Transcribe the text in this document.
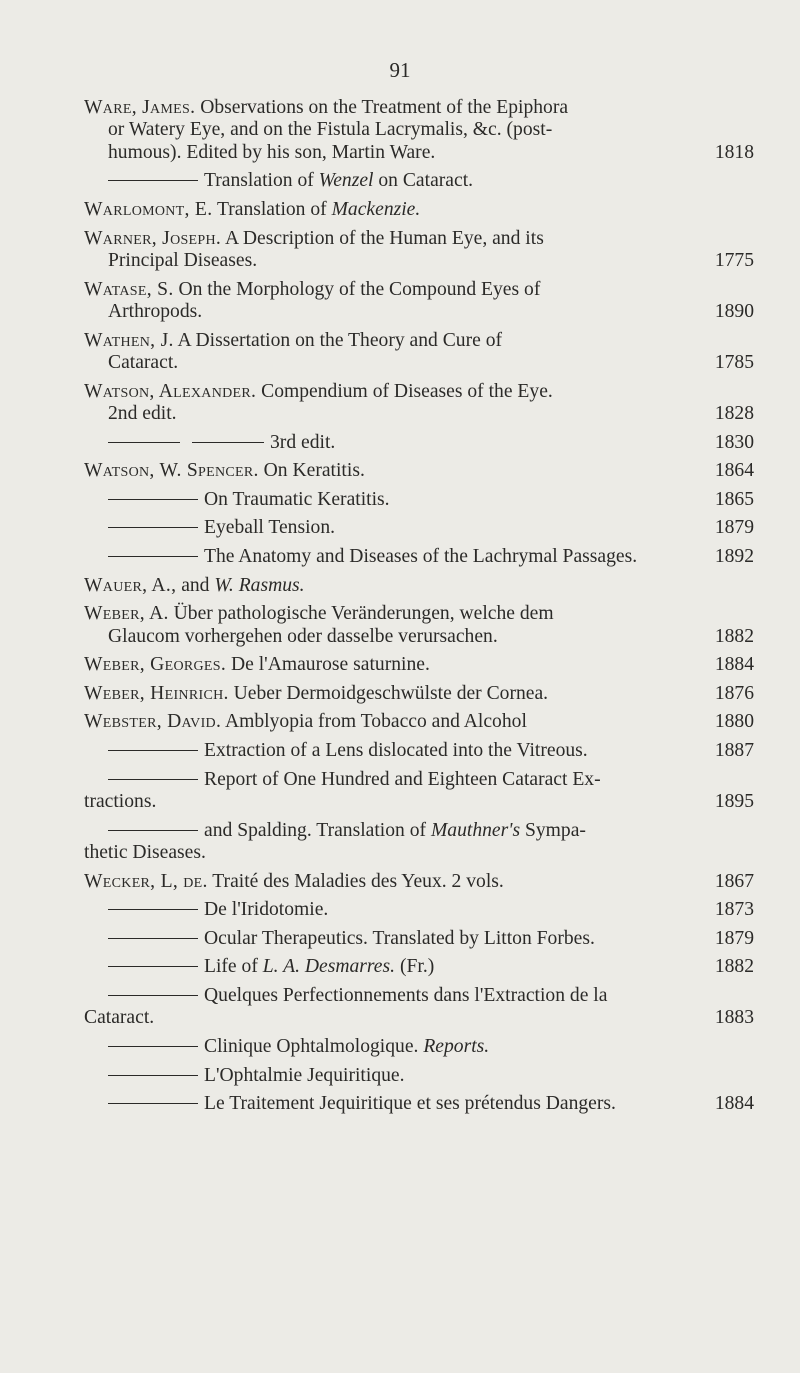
91
Ware, James. Observations on the Treatment of the Epiphora
or Watery Eye, and on the Fistula Lacrymalis, &c. (post-
humous). Edited by his son, Martin Ware.	1818
Translation of Wenzel on Cataract.
Warlomont, E. Translation of Mackenzie.
Warner, Joseph. A Description of the Human Eye, and its
Principal Diseases.	1775
Watase, S. On the Morphology of the Compound Eyes of
Arthropods.	1890
Wathen, J. A Dissertation on the Theory and Cure of
Cataract.	1785
Watson, Alexander. Compendium of Diseases of the Eye.
2nd edit.	1828
3rd edit.	1830
Watson, W. Spencer. On Keratitis.	1864
On Traumatic Keratitis.	1865
Eyeball Tension.	1879
The Anatomy and Diseases of the Lachrymal Passages.	1892
Wauer, A., and W. Rasmus.
Weber, A. Über pathologische Veränderungen, welche dem
Glaucom vorhergehen oder dasselbe verursachen.	1882
Weber, Georges. De l'Amaurose saturnine.	1884
Weber, Heinrich. Ueber Dermoidgeschwülste der Cornea.	1876
Webster, David. Amblyopia from Tobacco and Alcohol	1880
Extraction of a Lens dislocated into the Vitreous.	1887
Report of One Hundred and Eighteen Cataract Ex-
tractions.	1895
and Spalding. Translation of Mauthner's Sympa-
thetic Diseases.
Wecker, L, de. Traité des Maladies des Yeux. 2 vols.	1867
De l'Iridotomie.	1873
Ocular Therapeutics. Translated by Litton Forbes.	1879
Life of L. A. Desmarres. (Fr.)	1882
Quelques Perfectionnements dans l'Extraction de la
Cataract.	1883
Clinique Ophtalmologique. Reports.
L'Ophtalmie Jequiritique.
Le Traitement Jequiritique et ses prétendus Dangers.	1884
